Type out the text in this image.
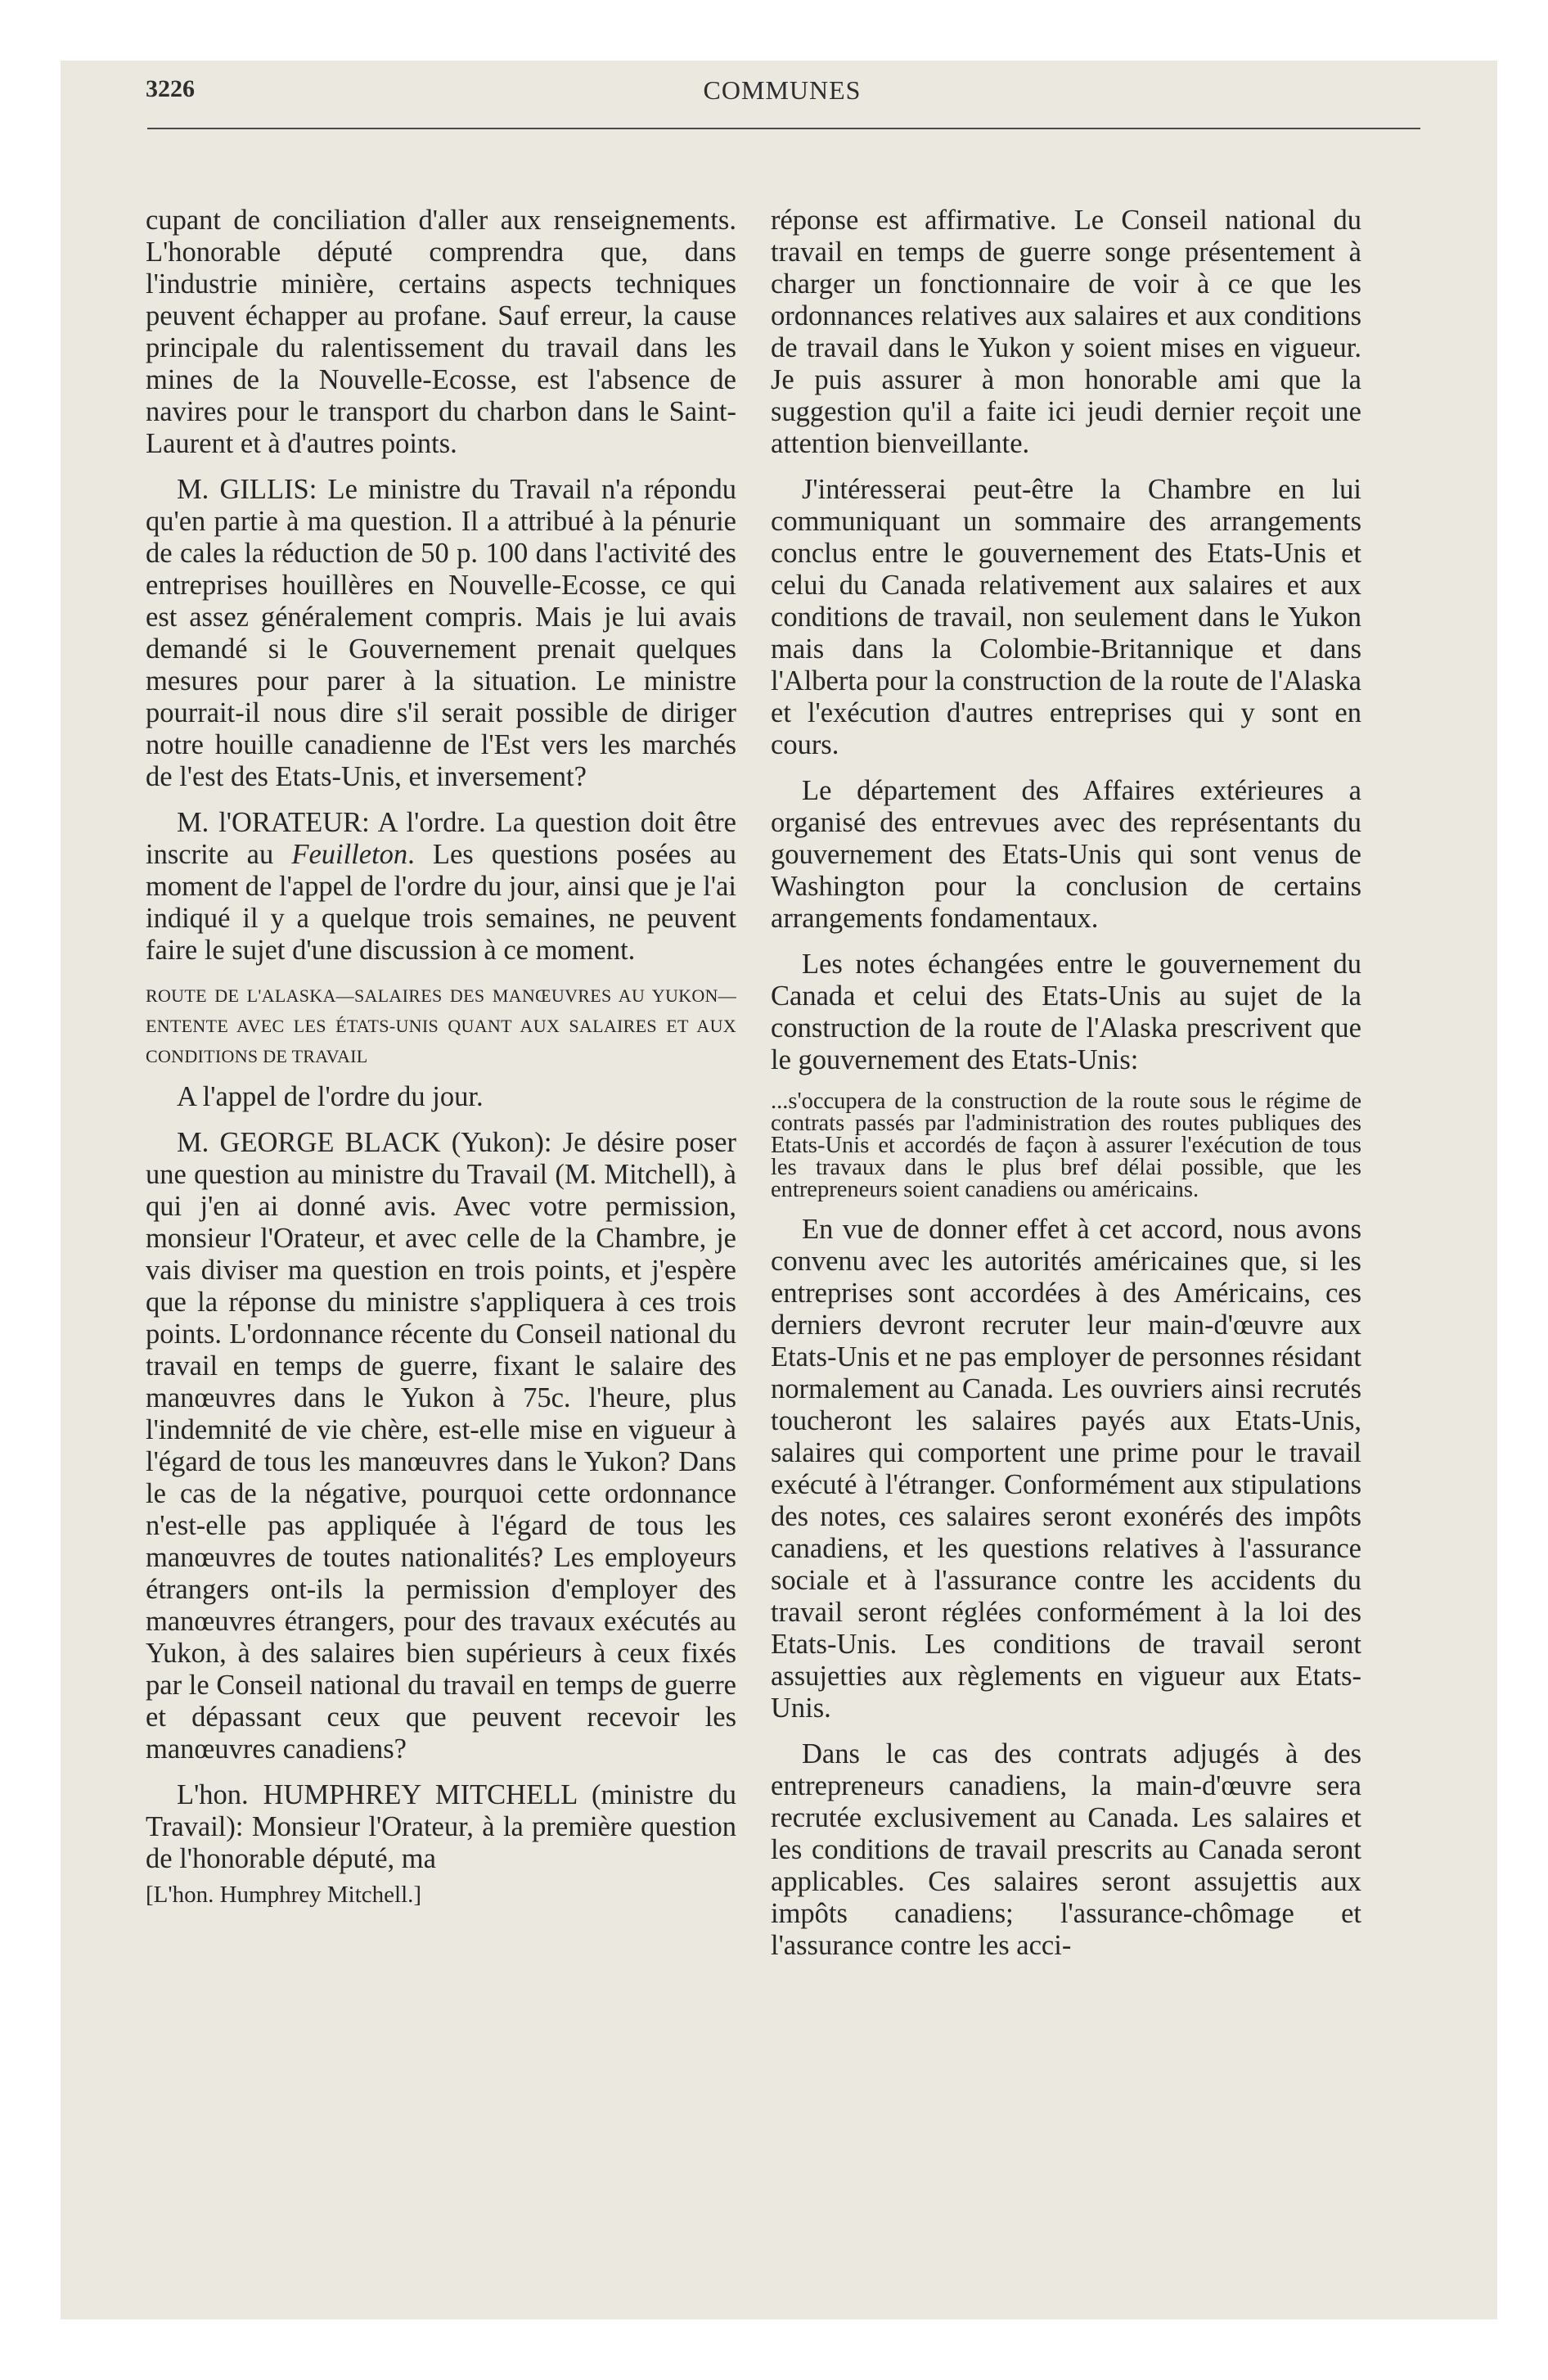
3226	COMMUNES

cupant de conciliation d'aller aux renseignements. L'honorable député comprendra que, dans l'industrie minière, certains aspects techniques peuvent échapper au profane. Sauf erreur, la cause principale du ralentissement du travail dans les mines de la Nouvelle-Ecosse, est l'absence de navires pour le transport du charbon dans le Saint-Laurent et à d'autres points.

M. GILLIS: Le ministre du Travail n'a répondu qu'en partie à ma question. Il a attribué à la pénurie de cales la réduction de 50 p. 100 dans l'activité des entreprises houillères en Nouvelle-Ecosse, ce qui est assez généralement compris. Mais je lui avais demandé si le Gouvernement prenait quelques mesures pour parer à la situation. Le ministre pourrait-il nous dire s'il serait possible de diriger notre houille canadienne de l'Est vers les marchés de l'est des Etats-Unis, et inversement?

M. l'ORATEUR: A l'ordre. La question doit être inscrite au Feuilleton. Les questions posées au moment de l'appel de l'ordre du jour, ainsi que je l'ai indiqué il y a quelque trois semaines, ne peuvent faire le sujet d'une discussion à ce moment.

ROUTE DE L'ALASKA—SALAIRES DES MANŒUVRES AU YUKON—ENTENTE AVEC LES ÉTATS-UNIS QUANT AUX SALAIRES ET AUX CONDITIONS DE TRAVAIL

A l'appel de l'ordre du jour.

M. GEORGE BLACK (Yukon): Je désire poser une question au ministre du Travail (M. Mitchell), à qui j'en ai donné avis. Avec votre permission, monsieur l'Orateur, et avec celle de la Chambre, je vais diviser ma question en trois points, et j'espère que la réponse du ministre s'appliquera à ces trois points. L'ordonnance récente du Conseil national du travail en temps de guerre, fixant le salaire des manœuvres dans le Yukon à 75c. l'heure, plus l'indemnité de vie chère, est-elle mise en vigueur à l'égard de tous les manœuvres dans le Yukon? Dans le cas de la négative, pourquoi cette ordonnance n'est-elle pas appliquée à l'égard de tous les manœuvres de toutes nationalités? Les employeurs étrangers ont-ils la permission d'employer des manœuvres étrangers, pour des travaux exécutés au Yukon, à des salaires bien supérieurs à ceux fixés par le Conseil national du travail en temps de guerre et dépassant ceux que peuvent recevoir les manœuvres canadiens?

L'hon. HUMPHREY MITCHELL (ministre du Travail): Monsieur l'Orateur, à la première question de l'honorable député, ma

[L'hon. Humphrey Mitchell.]

réponse est affirmative. Le Conseil national du travail en temps de guerre songe présentement à charger un fonctionnaire de voir à ce que les ordonnances relatives aux salaires et aux conditions de travail dans le Yukon y soient mises en vigueur. Je puis assurer à mon honorable ami que la suggestion qu'il a faite ici jeudi dernier reçoit une attention bienveillante.

J'intéresserai peut-être la Chambre en lui communiquant un sommaire des arrangements conclus entre le gouvernement des Etats-Unis et celui du Canada relativement aux salaires et aux conditions de travail, non seulement dans le Yukon mais dans la Colombie-Britannique et dans l'Alberta pour la construction de la route de l'Alaska et l'exécution d'autres entreprises qui y sont en cours.

Le département des Affaires extérieures a organisé des entrevues avec des représentants du gouvernement des Etats-Unis qui sont venus de Washington pour la conclusion de certains arrangements fondamentaux.

Les notes échangées entre le gouvernement du Canada et celui des Etats-Unis au sujet de la construction de la route de l'Alaska prescrivent que le gouvernement des Etats-Unis:

...s'occupera de la construction de la route sous le régime de contrats passés par l'administration des routes publiques des Etats-Unis et accordés de façon à assurer l'exécution de tous les travaux dans le plus bref délai possible, que les entrepreneurs soient canadiens ou américains.

En vue de donner effet à cet accord, nous avons convenu avec les autorités américaines que, si les entreprises sont accordées à des Américains, ces derniers devront recruter leur main-d'œuvre aux Etats-Unis et ne pas employer de personnes résidant normalement au Canada. Les ouvriers ainsi recrutés toucheront les salaires payés aux Etats-Unis, salaires qui comportent une prime pour le travail exécuté à l'étranger. Conformément aux stipulations des notes, ces salaires seront exonérés des impôts canadiens, et les questions relatives à l'assurance sociale et à l'assurance contre les accidents du travail seront réglées conformément à la loi des Etats-Unis. Les conditions de travail seront assujetties aux règlements en vigueur aux Etats-Unis.

Dans le cas des contrats adjugés à des entrepreneurs canadiens, la main-d'œuvre sera recrutée exclusivement au Canada. Les salaires et les conditions de travail prescrits au Canada seront applicables. Ces salaires seront assujettis aux impôts canadiens; l'assurance-chômage et l'assurance contre les acci-
